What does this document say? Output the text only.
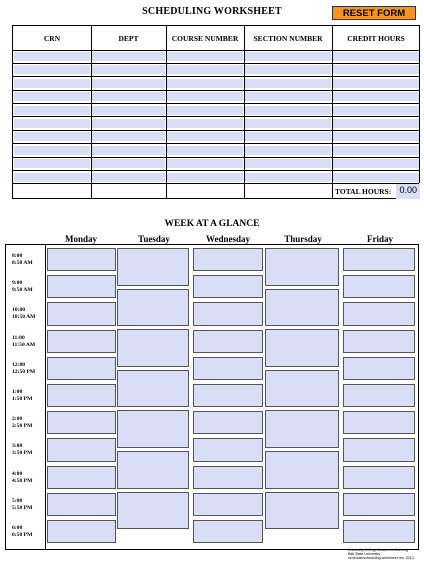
SCHEDULING WORKSHEET	RESET FORM
CRN	DEPT	COURSE NUMBER	SECTION NUMBER	CREDIT HOURS
TOTAL HOURS: 0.00
WEEK AT A GLANCE
Monday	Tuesday	Wednesday	Thursday	Friday
8:00
8:50 AM
9:00
9:50 AM
10:00
10:50 AM
11:00
11:50 AM
12:00
12:50 PM
1:00
1:50 PM
2:00
2:50 PM
3:00
3:50 PM
4:00
4:50 PM
5:00
5:50 PM
6:00
6:50 PM
University College Academic Advising
Ball State University
schedule/scheduling worksheet rev. 2013
